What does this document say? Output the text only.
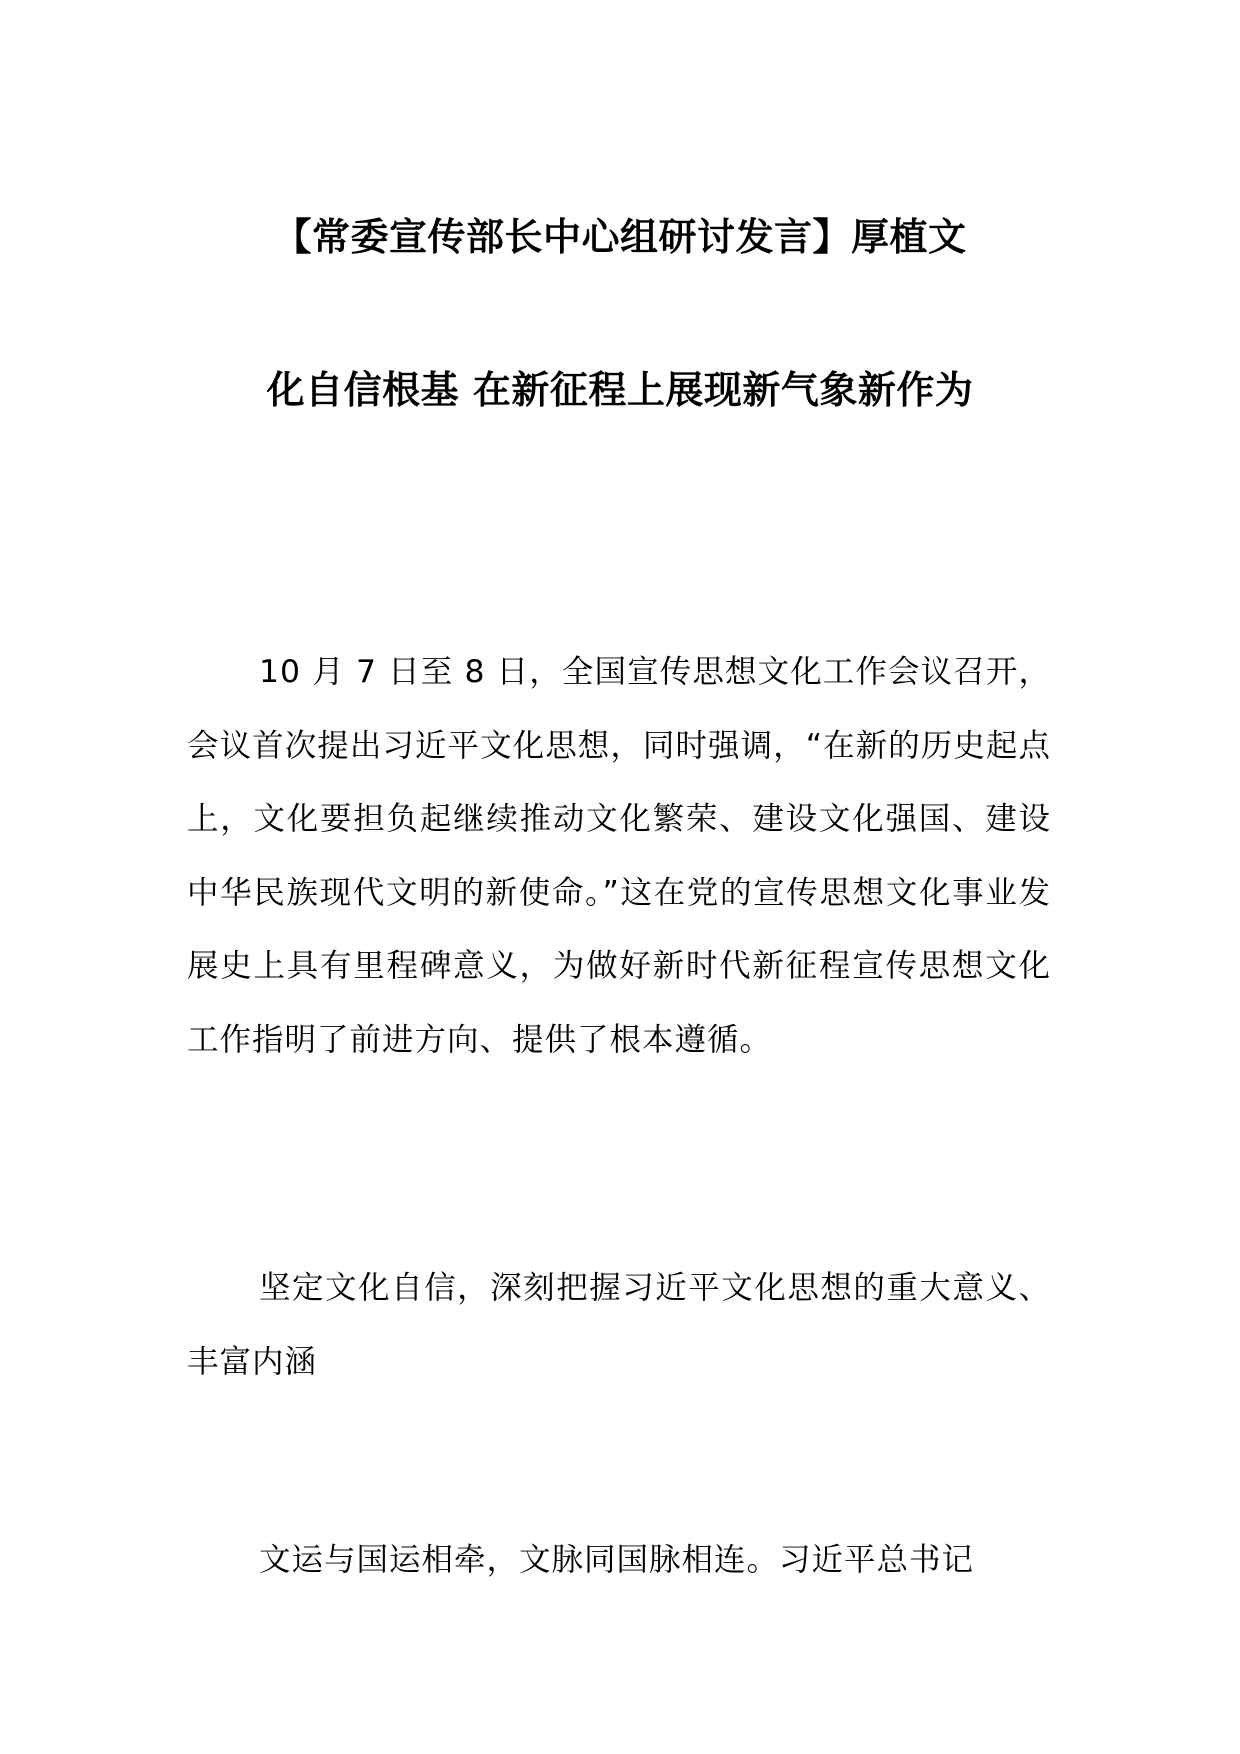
【常委宣传部长中心组研讨发言】厚植文
化自信根基 在新征程上展现新气象新作为

10 月 7 日至 8 日，全国宣传思想文化工作会议召开，会议首次提出习近平文化思想，同时强调，“在新的历史起点上，文化要担负起继续推动文化繁荣、建设文化强国、建设中华民族现代文明的新使命。”这在党的宣传思想文化事业发展史上具有里程碑意义，为做好新时代新征程宣传思想文化工作指明了前进方向、提供了根本遵循。

坚定文化自信，深刻把握习近平文化思想的重大意义、丰富内涵

文运与国运相牵，文脉同国脉相连。习近平总书记
